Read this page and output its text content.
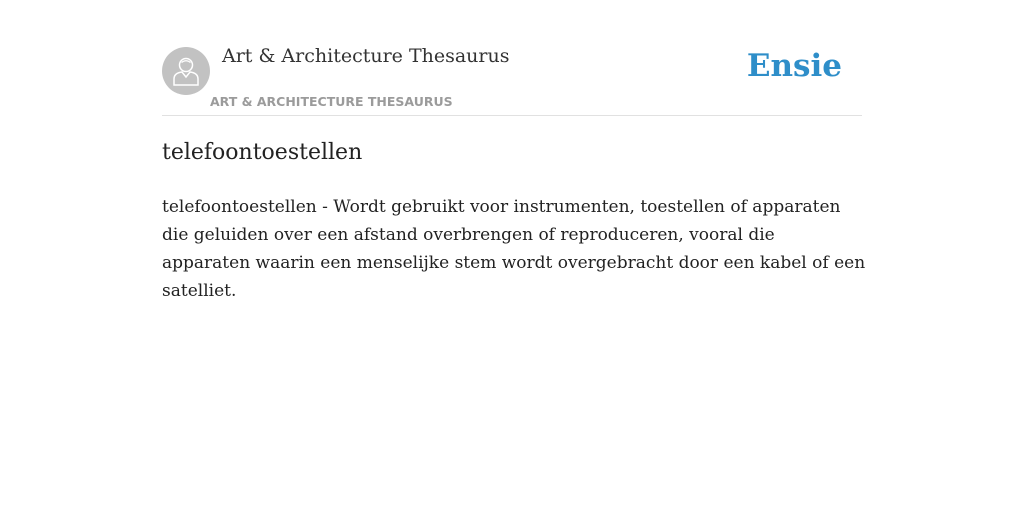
Art & Architecture Thesaurus
ART & ARCHITECTURE THESAURUS
Ensie
telefoontoestellen

telefoontoestellen - Wordt gebruikt voor instrumenten, toestellen of apparaten die geluiden over een afstand overbrengen of reproduceren, vooral die apparaten waarin een menselijke stem wordt overgebracht door een kabel of een satelliet.
